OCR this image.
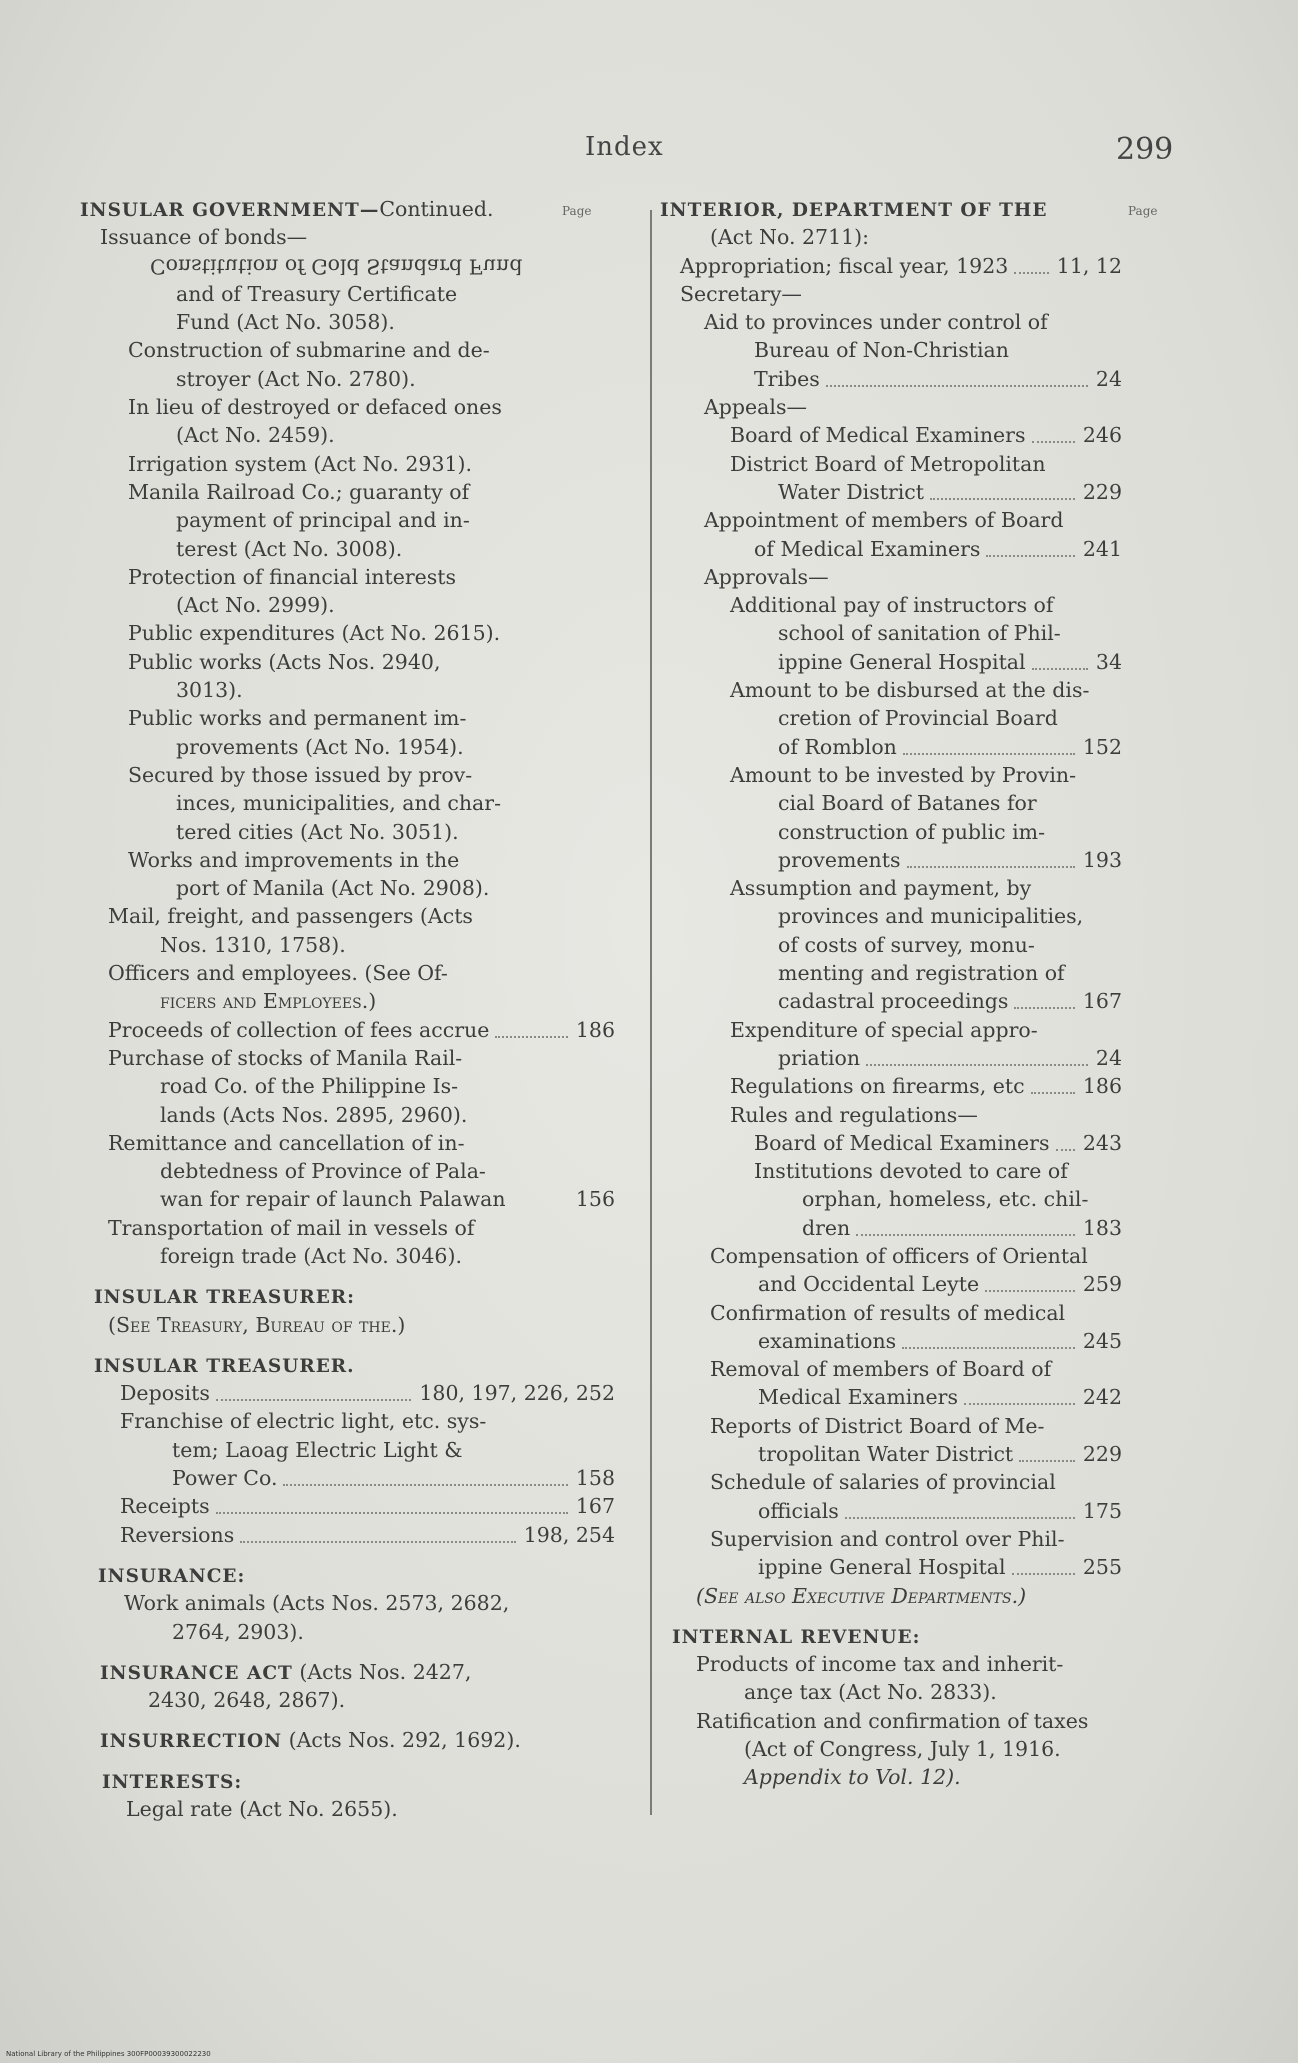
Index	299
INSULAR GOVERNMENT—Continued.	Page
Issuance of bonds—
Constitution of Gold Standard Fund
and of Treasury Certificate
Fund (Act No. 3058).
Construction of submarine and de-
stroyer (Act No. 2780).
In lieu of destroyed or defaced ones
(Act No. 2459).
Irrigation system (Act No. 2931).
Manila Railroad Co.; guaranty of
payment of principal and in-
terest (Act No. 3008).
Protection of financial interests
(Act No. 2999).
Public expenditures (Act No. 2615).
Public works (Acts Nos. 2940,
3013).
Public works and permanent im-
provements (Act No. 1954).
Secured by those issued by prov-
inces, municipalities, and char-
tered cities (Act No. 3051).
Works and improvements in the
port of Manila (Act No. 2908).
Mail, freight, and passengers (Acts
Nos. 1310, 1758).
Officers and employees. (See Of-
ficers and Employees.)
Proceeds of collection of fees accrue	186
Purchase of stocks of Manila Rail-
road Co. of the Philippine Is-
lands (Acts Nos. 2895, 2960).
Remittance and cancellation of in-
debtedness of Province of Pala-
wan for repair of launch Palawan	156
Transportation of mail in vessels of
foreign trade (Act No. 3046).
INSULAR TREASURER:
(See Treasury, Bureau of the.)
INSULAR TREASURER.
Deposits	180, 197, 226, 252
Franchise of electric light, etc. sys-
tem; Laoag Electric Light &
Power Co.	158
Receipts	167
Reversions	198, 254
INSURANCE:
Work animals (Acts Nos. 2573, 2682,
2764, 2903).
INSURANCE ACT (Acts Nos. 2427,
2430, 2648, 2867).
INSURRECTION (Acts Nos. 292, 1692).
INTERESTS:
Legal rate (Act No. 2655).
INTERIOR, DEPARTMENT OF THE	Page
(Act No. 2711):
Appropriation; fiscal year, 1923 11, 12
Secretary—
Aid to provinces under control of
Bureau of Non-Christian
Tribes	24
Appeals—
Board of Medical Examiners	246
District Board of Metropolitan
Water District	229
Appointment of members of Board
of Medical Examiners	241
Approvals—
Additional pay of instructors of
school of sanitation of Phil-
ippine General Hospital	34
Amount to be disbursed at the dis-
cretion of Provincial Board
of Romblon	152
Amount to be invested by Provin-
cial Board of Batanes for
construction of public im-
provements	193
Assumption and payment, by
provinces and municipalities,
of costs of survey, monu-
menting and registration of
cadastral proceedings	167
Expenditure of special appro-
priation	24
Regulations on firearms, etc	186
Rules and regulations—
Board of Medical Examiners 243
Institutions devoted to care of
orphan, homeless, etc. chil-
dren	183
Compensation of officers of Oriental
and Occidental Leyte	259
Confirmation of results of medical
examinations	245
Removal of members of Board of
Medical Examiners	242
Reports of District Board of Me-
tropolitan Water District	229
Schedule of salaries of provincial
officials	175
Supervision and control over Phil-
ippine General Hospital	255
(See also Executive Departments.)
INTERNAL REVENUE:
Products of income tax and inherit-
ançe tax (Act No. 2833).
Ratification and confirmation of taxes
(Act of Congress, July 1, 1916.
Appendix to Vol. 12).
National Library of the Philippines 300FP00039300022230
